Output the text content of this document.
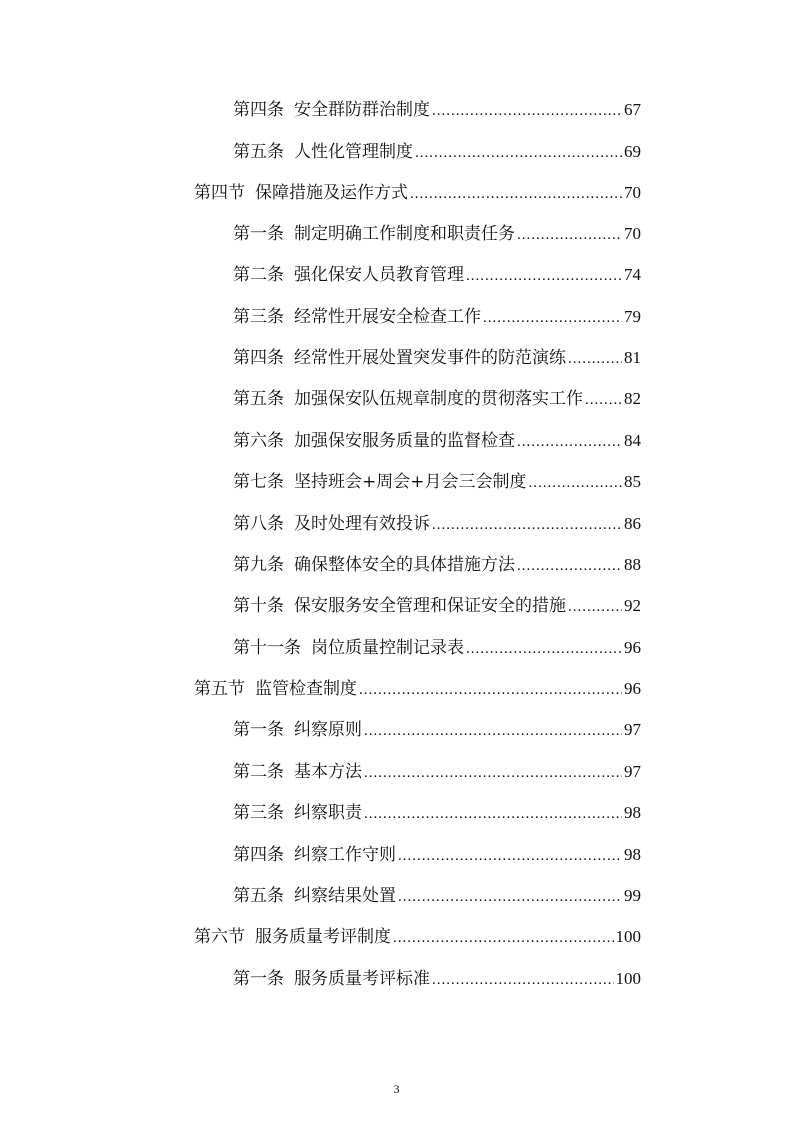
第四条 安全群防群治制度 .....	67
第五条 人性化管理制度 .....	69
第四节 保障措施及运作方式 .....	70
第一条 制定明确工作制度和职责任务 .....	70
第二条 强化保安人员教育管理 .....	74
第三条 经常性开展安全检查工作 .....	79
第四条 经常性开展处置突发事件的防范演练 .....	81
第五条 加强保安队伍规章制度的贯彻落实工作 ..... 82
第六条 加强保安服务质量的监督检查 .....	84
第七条 坚持班会+周会+月会三会制度 .....	85
第八条 及时处理有效投诉 .....	86
第九条 确保整体安全的具体措施方法 .....	88
第十条 保安服务安全管理和保证安全的措施 .....	92
第十一条 岗位质量控制记录表 .....	96
第五节 监管检查制度 .....	96
第一条 纠察原则 .....	97
第二条 基本方法 .....	97
第三条 纠察职责 .....	98
第四条 纠察工作守则 .....	98
第五条 纠察结果处置 .....	99
第六节 服务质量考评制度 .....	100
第一条 服务质量考评标准 .....	100
3
